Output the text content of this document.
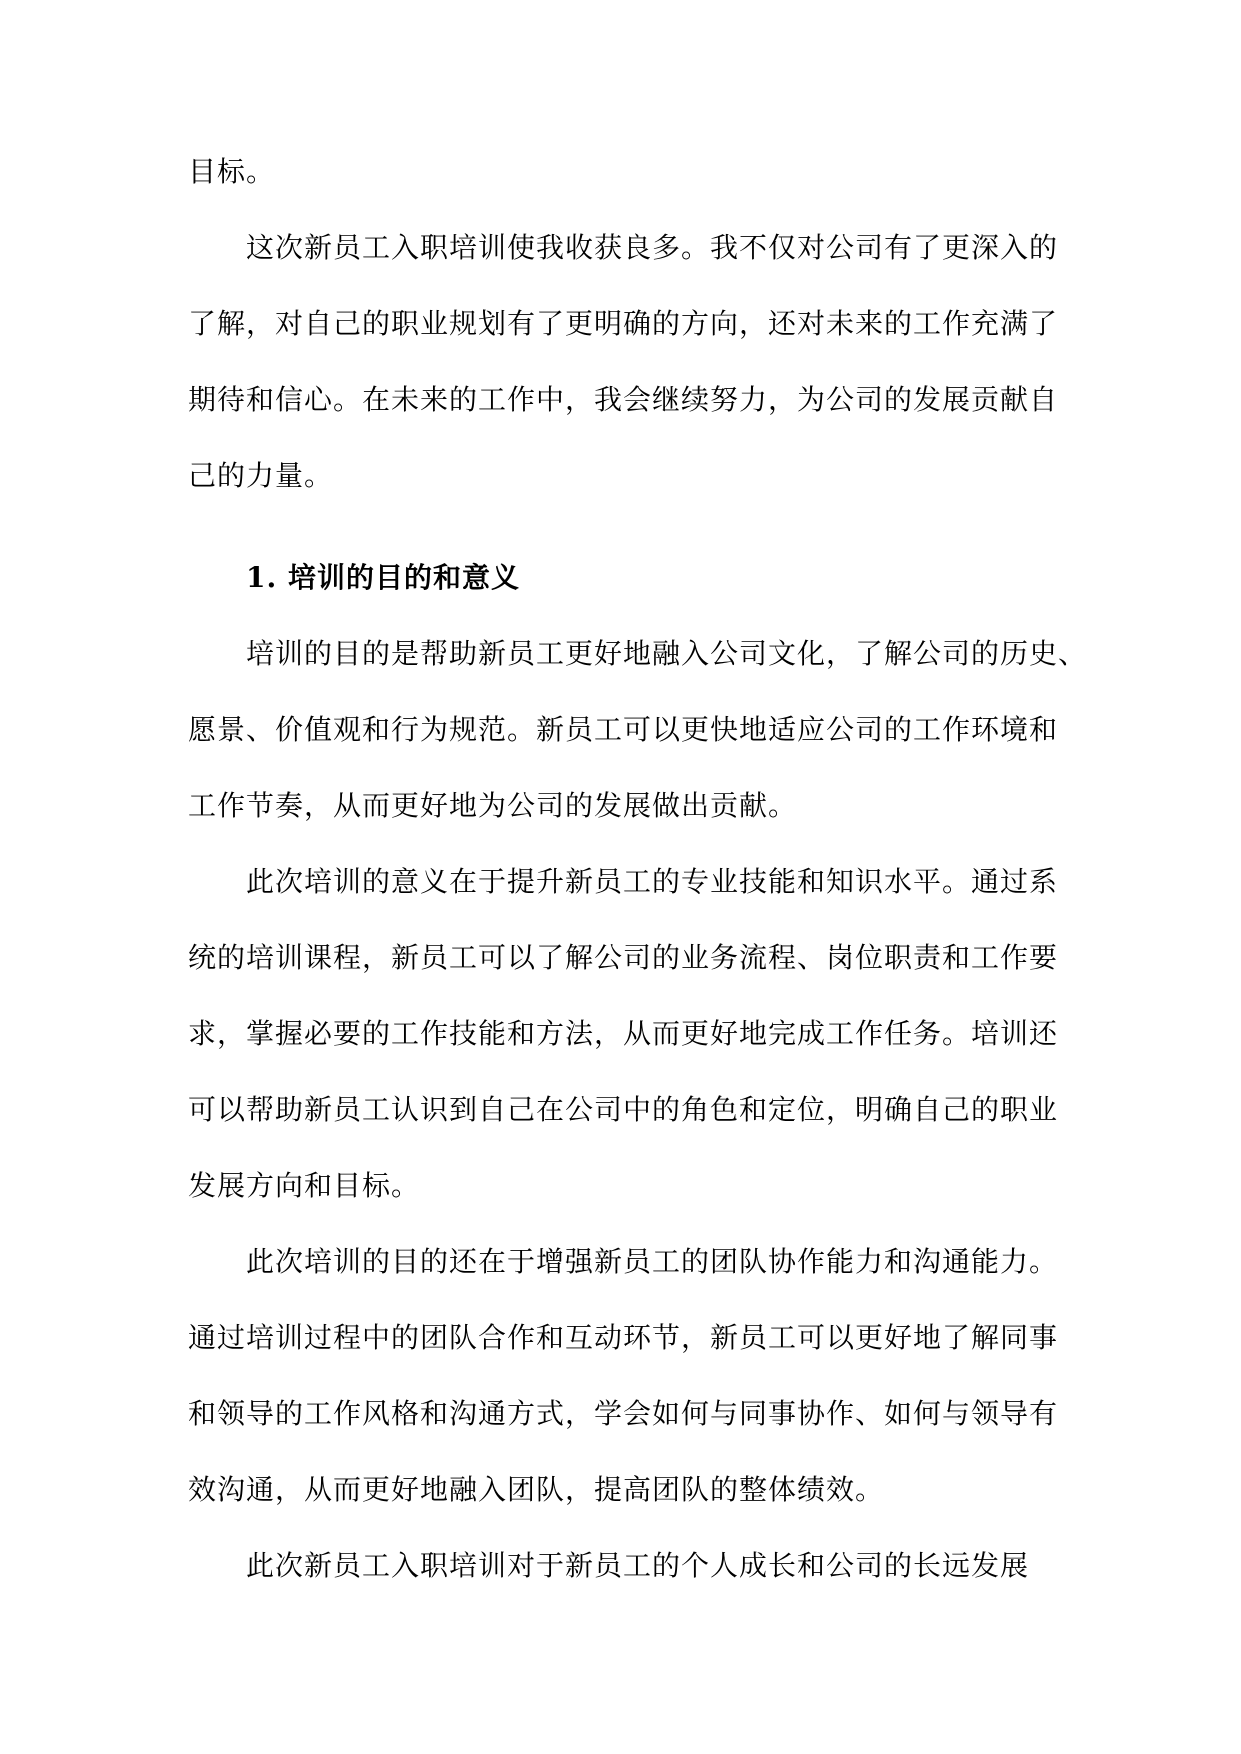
目标。
这次新员工入职培训使我收获良多。我不仅对公司有了更深入的
了解，对自己的职业规划有了更明确的方向，还对未来的工作充满了
期待和信心。在未来的工作中，我会继续努力，为公司的发展贡献自
己的力量。
1. 培训的目的和意义
培训的目的是帮助新员工更好地融入公司文化，了解公司的历史、
愿景、价值观和行为规范。新员工可以更快地适应公司的工作环境和
工作节奏，从而更好地为公司的发展做出贡献。
此次培训的意义在于提升新员工的专业技能和知识水平。通过系
统的培训课程，新员工可以了解公司的业务流程、岗位职责和工作要
求，掌握必要的工作技能和方法，从而更好地完成工作任务。培训还
可以帮助新员工认识到自己在公司中的角色和定位，明确自己的职业
发展方向和目标。
此次培训的目的还在于增强新员工的团队协作能力和沟通能力。
通过培训过程中的团队合作和互动环节，新员工可以更好地了解同事
和领导的工作风格和沟通方式，学会如何与同事协作、如何与领导有
效沟通，从而更好地融入团队，提高团队的整体绩效。
此次新员工入职培训对于新员工的个人成长和公司的长远发展
